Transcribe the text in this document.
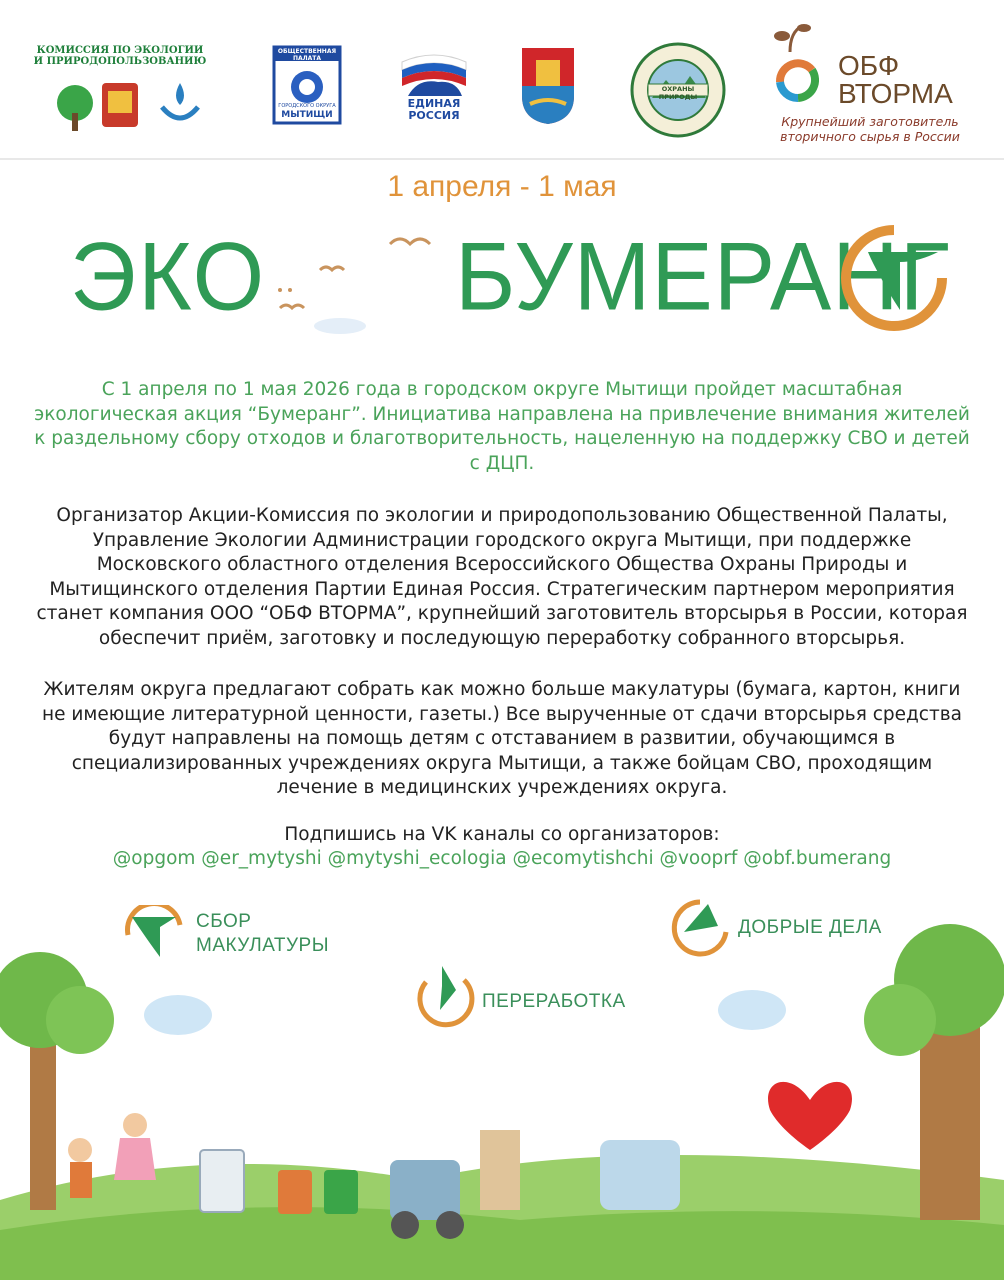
КОМИССИЯ ПО ЭКОЛОГИИ
И ПРИРОДОПОЛЬЗОВАНИЮ
ОБЩЕСТВЕННАЯ ПАЛАТА
ГОРОДСКОГО ОКРУГА
МЫТИЩИ
ЕДИНАЯ
РОССИЯ
ОХРАНЫ ПРИРОДЫ
ОБФ
ВТОРМА
Крупнейший заготовитель
вторичного сырья в России
1 апреля - 1 мая
ЭКО БУМЕРАНГ
С 1 апреля по 1 мая 2026 года в городском округе Мытищи пройдет масштабная экологическая акция “Бумеранг”. Инициатива направлена на привлечение внимания жителей к раздельному сбору отходов и благотворительность, нацеленную на поддержку СВО и детей с ДЦП.
Организатор Акции-Комиссия по экологии и природопользованию Общественной Палаты, Управление Экологии Администрации городского округа Мытищи, при поддержке Московского областного отделения Всероссийского Общества Охраны Природы и Мытищинского отделения Партии Единая Россия. Стратегическим партнером мероприятия станет компания ООО “ОБФ ВТОРМА”, крупнейший заготовитель вторсырья в России, которая обеспечит приём, заготовку и последующую переработку собранного вторсырья.
Жителям округа предлагают собрать как можно больше макулатуры (бумага, картон, книги не имеющие литературной ценности, газеты.) Все вырученные от сдачи вторсырья средства будут направлены на помощь детям с отставанием в развитии, обучающимся в специализированных учреждениях округа Мытищи, а также бойцам СВО, проходящим лечение в медицинских учреждениях округа.
Подпишись на VK каналы со организаторов:
@opgom @er_mytyshi @mytyshi_ecologia @ecomytishchi @vooprf @obf.bumerang
СБОР
МАКУЛАТУРЫ
ДОБРЫЕ ДЕЛА
ПЕРЕРАБОТКА
